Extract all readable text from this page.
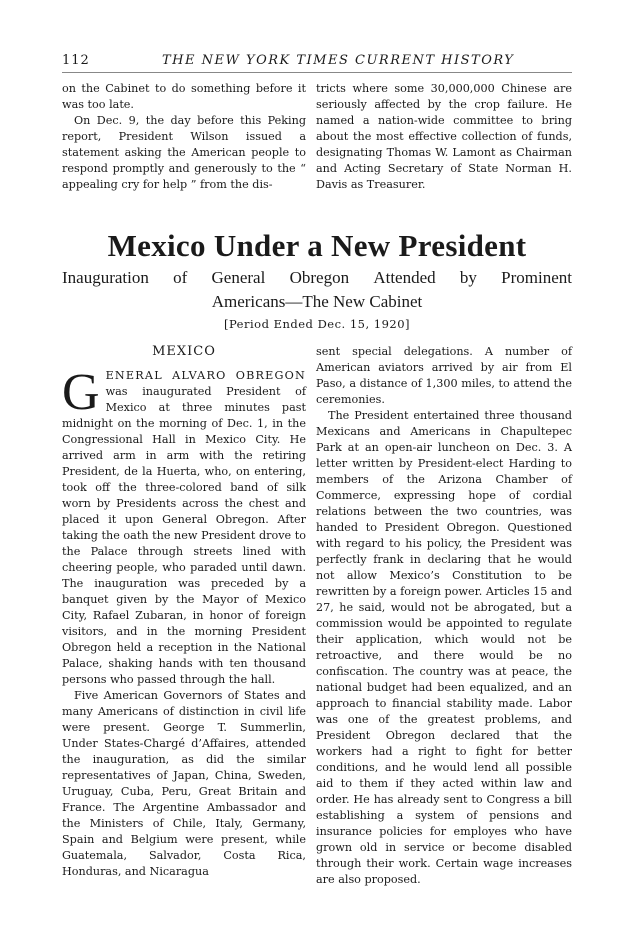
112	THE NEW YORK TIMES CURRENT HISTORY

on the Cabinet to do something before it was too late.

On Dec. 9, the day before this Peking report, President Wilson issued a statement asking the American people to respond promptly and generously to the “ appealing cry for help ” from the dis-

tricts where some 30,000,000 Chinese are seriously affected by the crop failure. He named a nation-wide committee to bring about the most effective collection of funds, designating Thomas W. Lamont as Chairman and Acting Secretary of State Norman H. Davis as Treasurer.

Mexico Under a New President
Inauguration of General Obregon Attended by Prominent
Americans—The New Cabinet
[Period Ended Dec. 15, 1920]
MEXICO

GENERAL ALVARO OBREGON was inaugurated President of Mexico at three minutes past midnight on the morning of Dec. 1, in the Congressional Hall in Mexico City. He arrived arm in arm with the retiring President, de la Huerta, who, on entering, took off the three-colored band of silk worn by Presidents across the chest and placed it upon General Obregon. After taking the oath the new President drove to the Palace through streets lined with cheering people, who paraded until dawn. The inauguration was preceded by a banquet given by the Mayor of Mexico City, Rafael Zubaran, in honor of foreign visitors, and in the morning President Obregon held a reception in the National Palace, shaking hands with ten thousand persons who passed through the hall.

Five American Governors of States and many Americans of distinction in civil life were present. George T. Summerlin, Under States-Chargé d’Affaires, attended the inauguration, as did the similar representatives of Japan, China, Sweden, Uruguay, Cuba, Peru, Great Britain and France. The Argentine Ambassador and the Ministers of Chile, Italy, Germany, Spain and Belgium were present, while Guatemala, Salvador, Costa Rica, Honduras, and Nicaragua

sent special delegations. A number of American aviators arrived by air from El Paso, a distance of 1,300 miles, to attend the ceremonies.

The President entertained three thousand Mexicans and Americans in Chapultepec Park at an open-air luncheon on Dec. 3. A letter written by President-elect Harding to members of the Arizona Chamber of Commerce, expressing hope of cordial relations between the two countries, was handed to President Obregon. Questioned with regard to his policy, the President was perfectly frank in declaring that he would not allow Mexico’s Constitution to be rewritten by a foreign power. Articles 15 and 27, he said, would not be abrogated, but a commission would be appointed to regulate their application, which would not be retroactive, and there would be no confiscation. The country was at peace, the national budget had been equalized, and an approach to financial stability made. Labor was one of the greatest problems, and President Obregon declared that the workers had a right to fight for better conditions, and he would lend all possible aid to them if they acted within law and order. He has already sent to Congress a bill establishing a system of pensions and insurance policies for employes who have grown old in service or become disabled through their work. Certain wage increases are also proposed.
